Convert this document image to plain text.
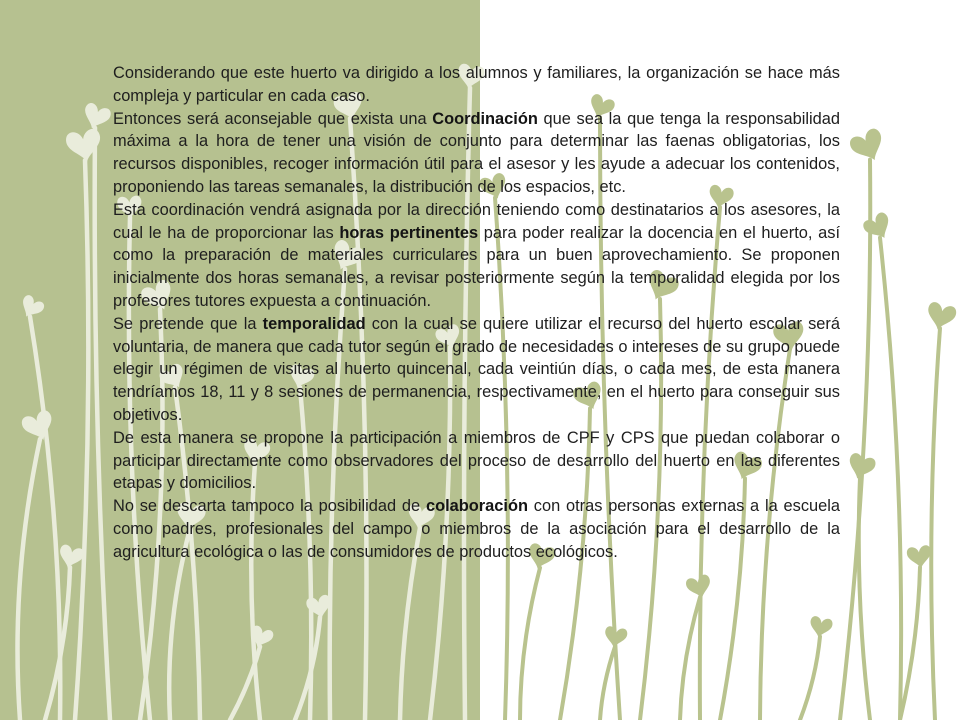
Considerando que este huerto va dirigido a los alumnos y familiares, la organización se hace más compleja y particular en cada caso.

Entonces será aconsejable que exista una Coordinación que sea la que tenga la responsabilidad máxima a la hora de tener una visión de conjunto para determinar las faenas obligatorias, los recursos disponibles, recoger información útil para el asesor y les ayude a adecuar los contenidos, proponiendo las tareas semanales, la distribución de los espacios, etc.

Esta coordinación vendrá asignada por la dirección teniendo como destinatarios a los asesores, la cual le ha de proporcionar las horas pertinentes para poder realizar la docencia en el huerto, así como la preparación de materiales curriculares para un buen aprovechamiento. Se proponen inicialmente dos horas semanales, a revisar posteriormente según la temporalidad elegida por los profesores tutores expuesta a continuación.

Se pretende que la temporalidad con la cual se quiere utilizar el recurso del huerto escolar será voluntaria, de manera que cada tutor según el grado de necesidades o intereses de su grupo puede elegir un régimen de visitas al huerto quincenal, cada veintiún días, o cada mes, de esta manera tendríamos 18, 11 y 8 sesiones de permanencia, respectivamente, en el huerto para conseguir sus objetivos.

De esta manera se propone la participación a miembros de CPF y CPS que puedan colaborar o participar directamente como observadores del proceso de desarrollo del huerto en las diferentes etapas y domicilios.

No se descarta tampoco la posibilidad de colaboración con otras personas externas a la escuela como padres, profesionales del campo o miembros de la asociación para el desarrollo de la agricultura ecológica o las de consumidores de productos ecológicos.
